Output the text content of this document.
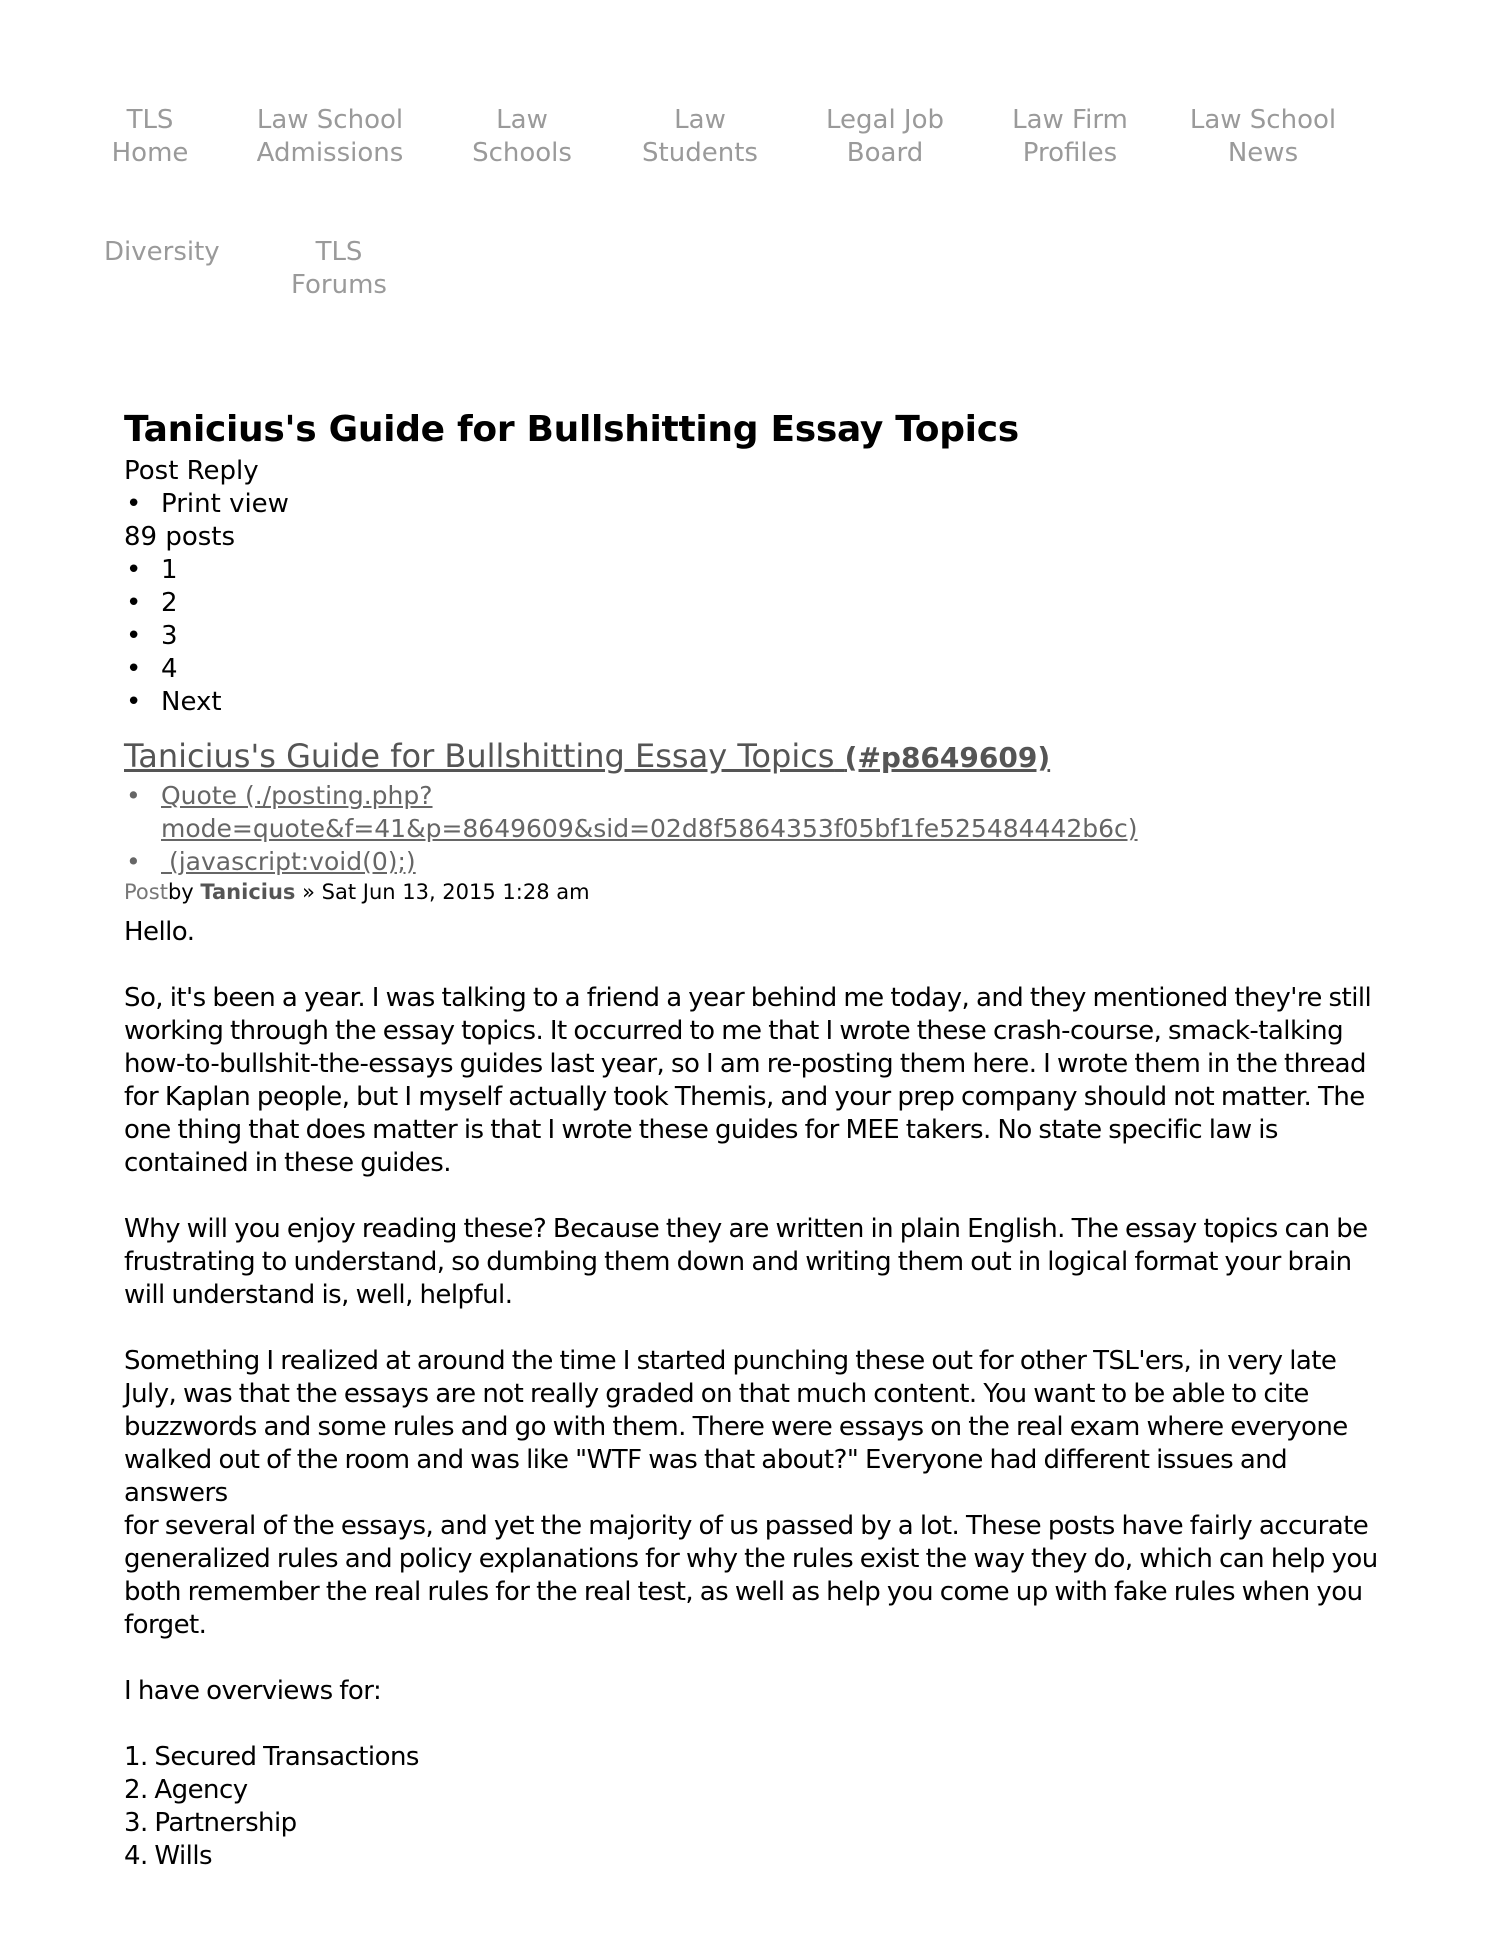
TLS
Home
Law School
Admissions
Law
Schools
Law
Students
Legal Job
Board
Law Firm
Profiles
Law School
News
Diversity	TLS
Forums
Tanicius's Guide for Bullshitting Essay Topics
Post Reply
• Print view
89 posts
• 1
• 2
• 3
• 4
• Next
Tanicius's Guide for Bullshitting Essay Topics (#p8649609)
• Quote (./posting.php?
mode=quote&f=41&p=8649609&sid=02d8f5864353f05bf1fe525484442b6c)
•  (javascript:void(0);)
Postby Tanicius » Sat Jun 13, 2015 1:28 am
Hello.

So, it's been a year. I was talking to a friend a year behind me today, and they mentioned they're still
working through the essay topics. It occurred to me that I wrote these crash-course, smack-talking
how-to-bullshit-the-essays guides last year, so I am re-posting them here. I wrote them in the thread
for Kaplan people, but I myself actually took Themis, and your prep company should not matter. The
one thing that does matter is that I wrote these guides for MEE takers. No state specific law is
contained in these guides.

Why will you enjoy reading these? Because they are written in plain English. The essay topics can be
frustrating to understand, so dumbing them down and writing them out in logical format your brain
will understand is, well, helpful.

Something I realized at around the time I started punching these out for other TSL'ers, in very late
July, was that the essays are not really graded on that much content. You want to be able to cite
buzzwords and some rules and go with them. There were essays on the real exam where everyone
walked out of the room and was like "WTF was that about?" Everyone had different issues and answers
for several of the essays, and yet the majority of us passed by a lot. These posts have fairly accurate
generalized rules and policy explanations for why the rules exist the way they do, which can help you
both remember the real rules for the real test, as well as help you come up with fake rules when you
forget.

I have overviews for:

1. Secured Transactions
2. Agency
3. Partnership
4. Wills
